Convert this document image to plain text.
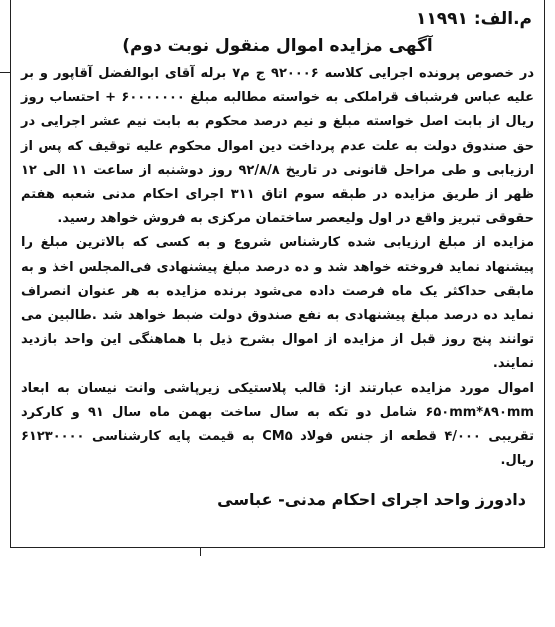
م.الف: ۱۱۹۹۱
آگهی مزایده اموال منقول نوبت دوم)

در خصوص پرونده اجرایی کلاسه ۹۲۰۰۰۶ ج م۷ برله آقای ابوالفضل آقاپور و بر علیه عباس فرشباف قراملکی به خواسته مطالبه مبلغ ۶۰۰۰۰۰۰۰ + احتساب روز ریال از بابت اصل خواسته مبلغ و نیم درصد محکوم به بابت نیم عشر اجرایی در حق صندوق دولت به علت عدم پرداخت دین اموال محکوم علیه توقیف که پس از ارزیابی و طی مراحل قانونی در تاریخ ۹۲/۸/۸ روز دوشنبه از ساعت ۱۱ الی ۱۲ ظهر از طریق مزایده در طبقه سوم اتاق ۳۱۱ اجرای احکام مدنی شعبه هفتم حقوقی تبریز واقع در اول ولیعصر ساختمان مرکزی به فروش خواهد رسید.

مزایده از مبلغ ارزیابی شده کارشناس شروع و به کسی که بالاترین مبلغ را پیشنهاد نماید فروخته خواهد شد و ده درصد مبلغ پیشنهادی فی‌المجلس اخذ و به مابقی حداکثر یک ماه فرصت داده می‌شود برنده مزایده به هر عنوان انصراف نماید ده درصد مبلغ پیشنهادی به نفع صندوق دولت ضبط خواهد شد .طالبین می توانند پنج روز قبل از مزایده از اموال بشرح ذیل با هماهنگی این واحد بازدید نمایند.

اموال مورد مزایده عبارتند از: قالب پلاستیکی زیرپاشی وانت نیسان به ابعاد ۶۵۰mm*۸۹۰mm شامل دو تکه به سال ساخت بهمن ماه سال ۹۱ و کارکرد تقریبی ۴/۰۰۰ قطعه از جنس فولاد CM۵ به قیمت پایه کارشناسی ۶۱۲۳۰۰۰۰ ریال.

دادورز واحد اجرای احکام مدنی- عباسی
